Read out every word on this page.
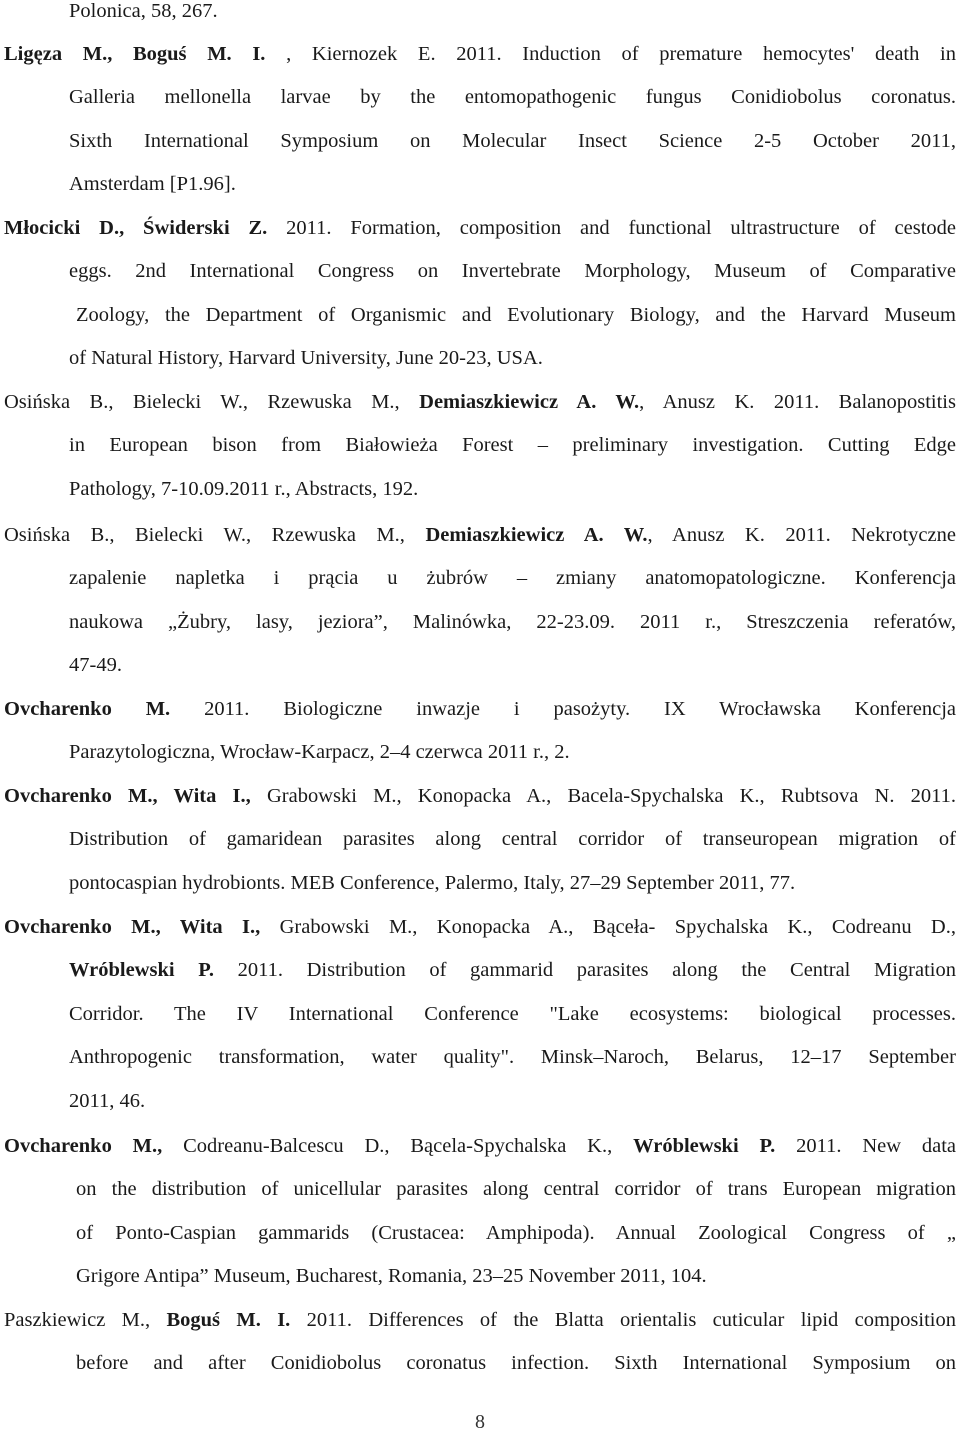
Polonica, 58, 267.
Ligęza M., Boguś M. I. , Kiernozek E. 2011. Induction of premature hemocytes' death in
Galleria mellonella larvae by the entomopathogenic fungus Conidiobolus coronatus.
Sixth International Symposium on Molecular Insect Science 2-5 October 2011,
Amsterdam [P1.96].
Młocicki D., Świderski Z. 2011. Formation, composition and functional ultrastructure of cestode
eggs. 2nd International Congress on Invertebrate Morphology, Museum of Comparative
Zoology, the Department of Organismic and Evolutionary Biology, and the Harvard Museum
of Natural History, Harvard University, June 20-23, USA.
Osińska B., Bielecki W., Rzewuska M., Demiaszkiewicz A. W., Anusz K. 2011. Balanopostitis
in European bison from Białowieża Forest – preliminary investigation. Cutting Edge
Pathology, 7-10.09.2011 r., Abstracts, 192.
Osińska B., Bielecki W., Rzewuska M., Demiaszkiewicz A. W., Anusz K. 2011. Nekrotyczne
zapalenie napletka i prącia u żubrów – zmiany anatomopatologiczne. Konferencja
naukowa „Żubry, lasy, jeziora”, Malinówka, 22-23.09. 2011 r., Streszczenia referatów,
47-49.
Ovcharenko M. 2011. Biologiczne inwazje i pasożyty. IX Wrocławska Konferencja
Parazytologiczna, Wrocław-Karpacz, 2–4 czerwca 2011 r., 2.
Ovcharenko M., Wita I., Grabowski M., Konopacka A., Bacela-Spychalska K., Rubtsova N. 2011.
Distribution of gamaridean parasites along central corridor of transeuropean migration of
pontocaspian hydrobionts. MEB Conference, Palermo, Italy, 27–29 September 2011, 77.
Ovcharenko M., Wita I., Grabowski M., Konopacka A., Bąceła- Spychalska K., Codreanu D.,
Wróblewski P. 2011. Distribution of gammarid parasites along the Central Migration
Corridor. The IV International Conference "Lake ecosystems: biological processes.
Anthropogenic transformation, water quality". Minsk–Naroch, Belarus, 12–17 September
2011, 46.
Ovcharenko M., Codreanu-Balcescu D., Bącela-Spychalska K., Wróblewski P. 2011. New data
on the distribution of unicellular parasites along central corridor of trans European migration
of Ponto-Caspian gammarids (Crustacea: Amphipoda). Annual Zoological Congress of „
Grigore Antipa” Museum, Bucharest, Romania, 23–25 November 2011, 104.
Paszkiewicz M., Boguś M. I. 2011. Differences of the Blatta orientalis cuticular lipid composition
before and after Conidiobolus coronatus infection. Sixth International Symposium on
8
